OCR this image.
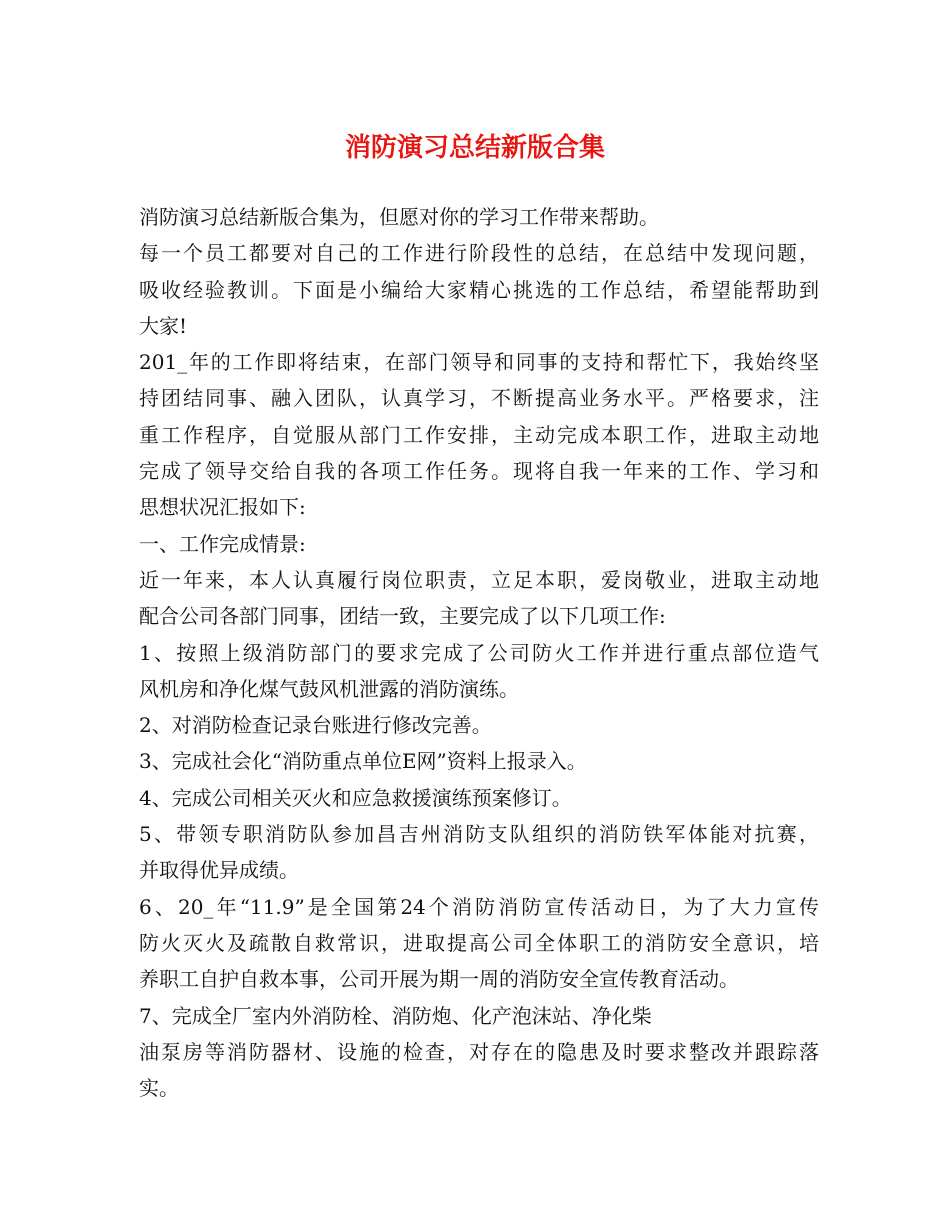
消防演习总结新版合集
消防演习总结新版合集为，但愿对你的学习工作带来帮助。
每一个员工都要对自己的工作进行阶段性的总结，在总结中发现问题，
吸收经验教训。下面是小编给大家精心挑选的工作总结，希望能帮助到
大家!
201_年的工作即将结束，在部门领导和同事的支持和帮忙下，我始终坚
持团结同事、融入团队，认真学习，不断提高业务水平。严格要求，注
重工作程序，自觉服从部门工作安排，主动完成本职工作，进取主动地
完成了领导交给自我的各项工作任务。现将自我一年来的工作、学习和
思想状况汇报如下:
一、工作完成情景:
近一年来，本人认真履行岗位职责，立足本职，爱岗敬业，进取主动地
配合公司各部门同事，团结一致，主要完成了以下几项工作:
1、按照上级消防部门的要求完成了公司防火工作并进行重点部位造气
风机房和净化煤气鼓风机泄露的消防演练。
2、对消防检查记录台账进行修改完善。
3、完成社会化“消防重点单位E网”资料上报录入。
4、完成公司相关灭火和应急救援演练预案修订。
5、带领专职消防队参加昌吉州消防支队组织的消防铁军体能对抗赛，
并取得优异成绩。
6、20_年“11.9”是全国第24个消防消防宣传活动日，为了大力宣传
防火灭火及疏散自救常识，进取提高公司全体职工的消防安全意识，培
养职工自护自救本事，公司开展为期一周的消防安全宣传教育活动。
7、完成全厂室内外消防栓、消防炮、化产泡沫站、净化柴
油泵房等消防器材、设施的检查，对存在的隐患及时要求整改并跟踪落
实。
